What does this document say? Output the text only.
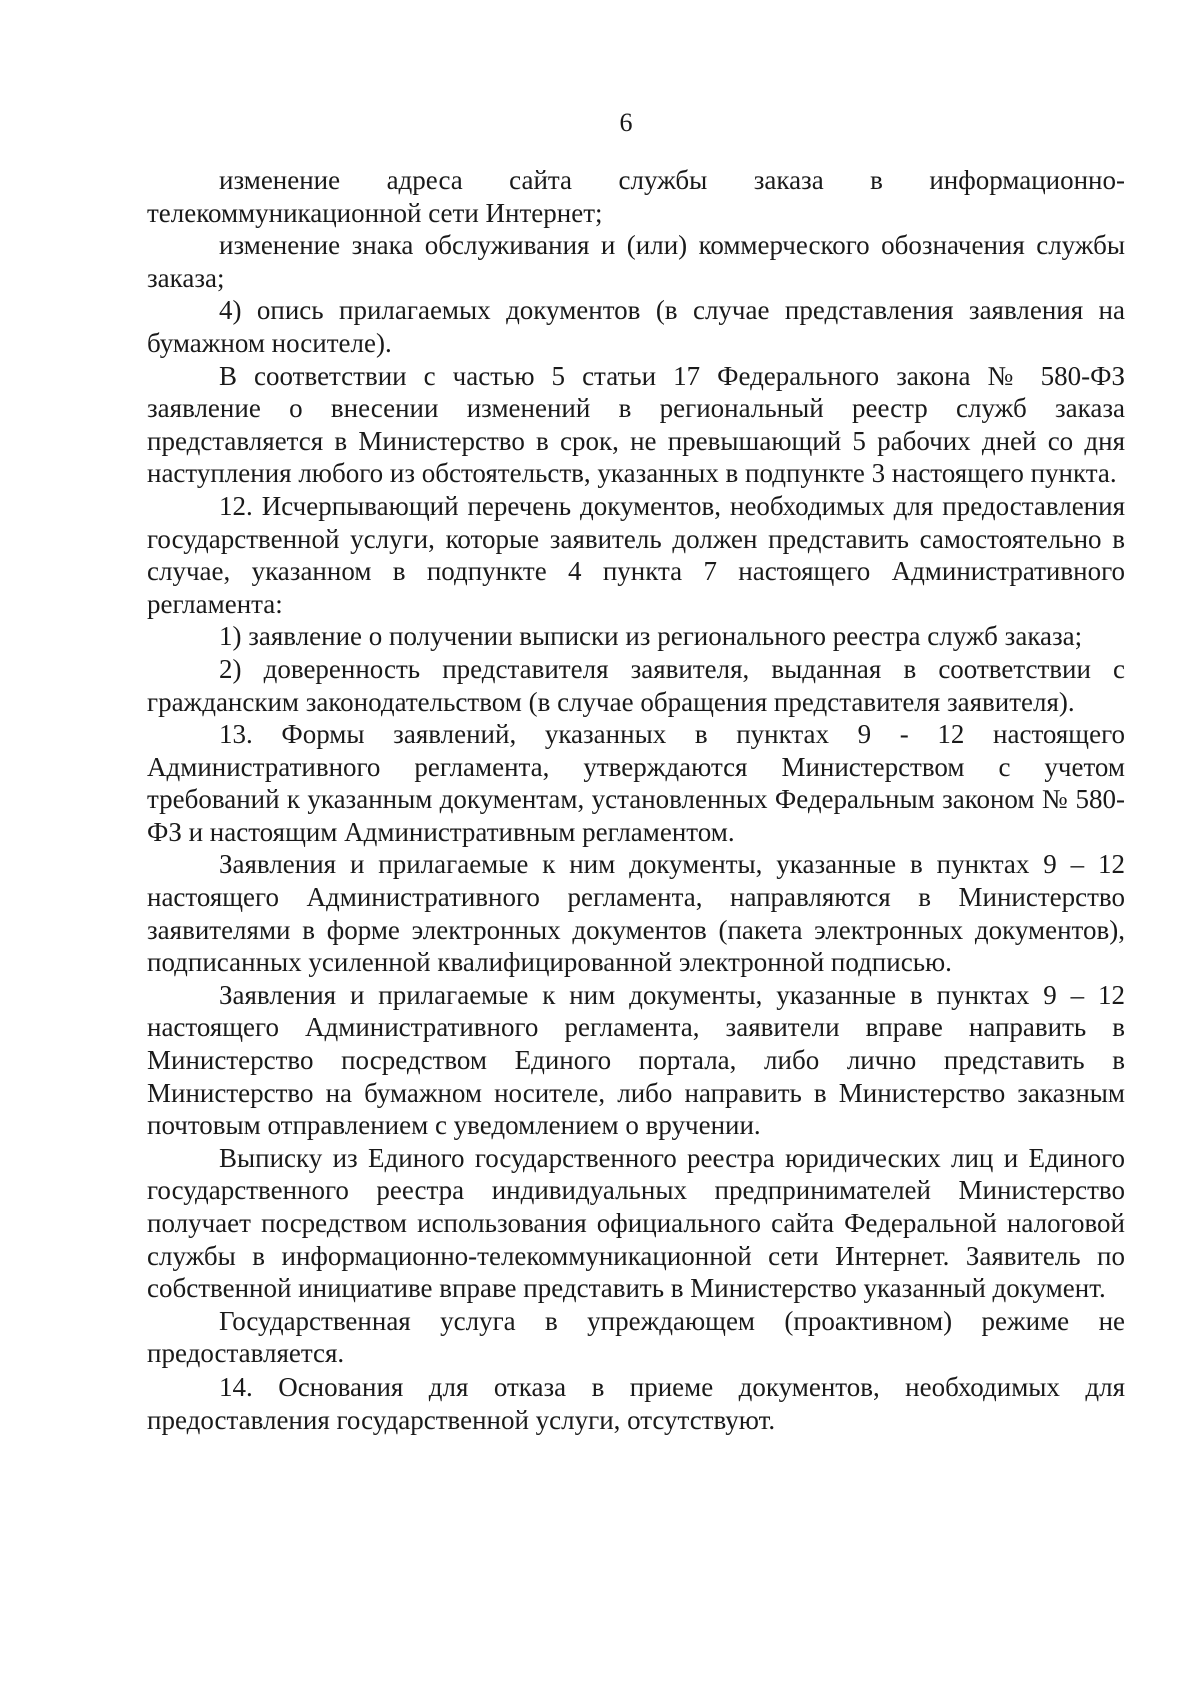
6

изменение адреса сайта службы заказа в информационно-телекоммуникационной сети Интернет;

изменение знака обслуживания и (или) коммерческого обозначения службы заказа;

4) опись прилагаемых документов (в случае представления заявления на бумажном носителе).

В соответствии с частью 5 статьи 17 Федерального закона № 580-ФЗ заявление о внесении изменений в региональный реестр служб заказа представляется в Министерство в срок, не превышающий 5 рабочих дней со дня наступления любого из обстоятельств, указанных в подпункте 3 настоящего пункта.

12. Исчерпывающий перечень документов, необходимых для предоставления государственной услуги, которые заявитель должен представить самостоятельно в случае, указанном в подпункте 4 пункта 7 настоящего Административного регламента:

1) заявление о получении выписки из регионального реестра служб заказа;

2) доверенность представителя заявителя, выданная в соответствии с гражданским законодательством (в случае обращения представителя заявителя).

13. Формы заявлений, указанных в пунктах 9 - 12 настоящего Административного регламента, утверждаются Министерством с учетом требований к указанным документам, установленных Федеральным законом № 580-ФЗ и настоящим Административным регламентом.

Заявления и прилагаемые к ним документы, указанные в пунктах 9 – 12 настоящего Административного регламента, направляются в Министерство заявителями в форме электронных документов (пакета электронных документов), подписанных усиленной квалифицированной электронной подписью.

Заявления и прилагаемые к ним документы, указанные в пунктах 9 – 12 настоящего Административного регламента, заявители вправе направить в Министерство посредством Единого портала, либо лично представить в Министерство на бумажном носителе, либо направить в Министерство заказным почтовым отправлением с уведомлением о вручении.

Выписку из Единого государственного реестра юридических лиц и Единого государственного реестра индивидуальных предпринимателей Министерство получает посредством использования официального сайта Федеральной налоговой службы в информационно-телекоммуникационной сети Интернет. Заявитель по собственной инициативе вправе представить в Министерство указанный документ.

Государственная услуга в упреждающем (проактивном) режиме не предоставляется.

14. Основания для отказа в приеме документов, необходимых для предоставления государственной услуги, отсутствуют.
